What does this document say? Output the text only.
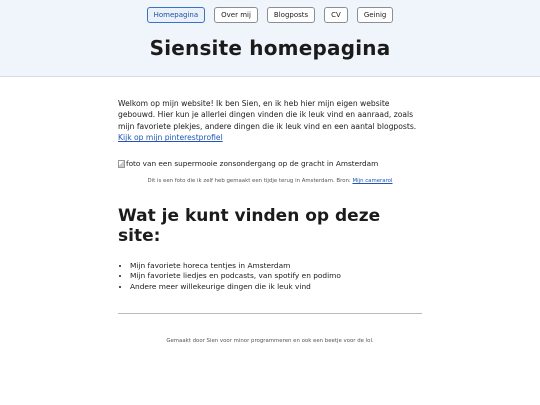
Homepagina	Over mij	Blogposts	CV	Geinig
Siensite homepagina

Welkom op mijn website! Ik ben Sien, en ik heb hier mijn eigen website gebouwd. Hier kun je allerlei dingen vinden die ik leuk vind en aanraad, zoals mijn favoriete plekjes, andere dingen die ik leuk vind en een aantal blogposts. Kijk op mijn pinterestprofiel

foto van een supermooie zonsondergang op de gracht in Amsterdam
Dit is een foto die ik zelf heb gemaakt een tijdje terug in Amsterdam. Bron: Mijn camerarol
Wat je kunt vinden op deze site:
• Mijn favoriete horeca tentjes in Amsterdam
• Mijn favoriete liedjes en podcasts, van spotify en podimo
• Andere meer willekeurige dingen die ik leuk vind
Gemaakt door Sien voor minor programmeren en ook een beetje voor de lol.
